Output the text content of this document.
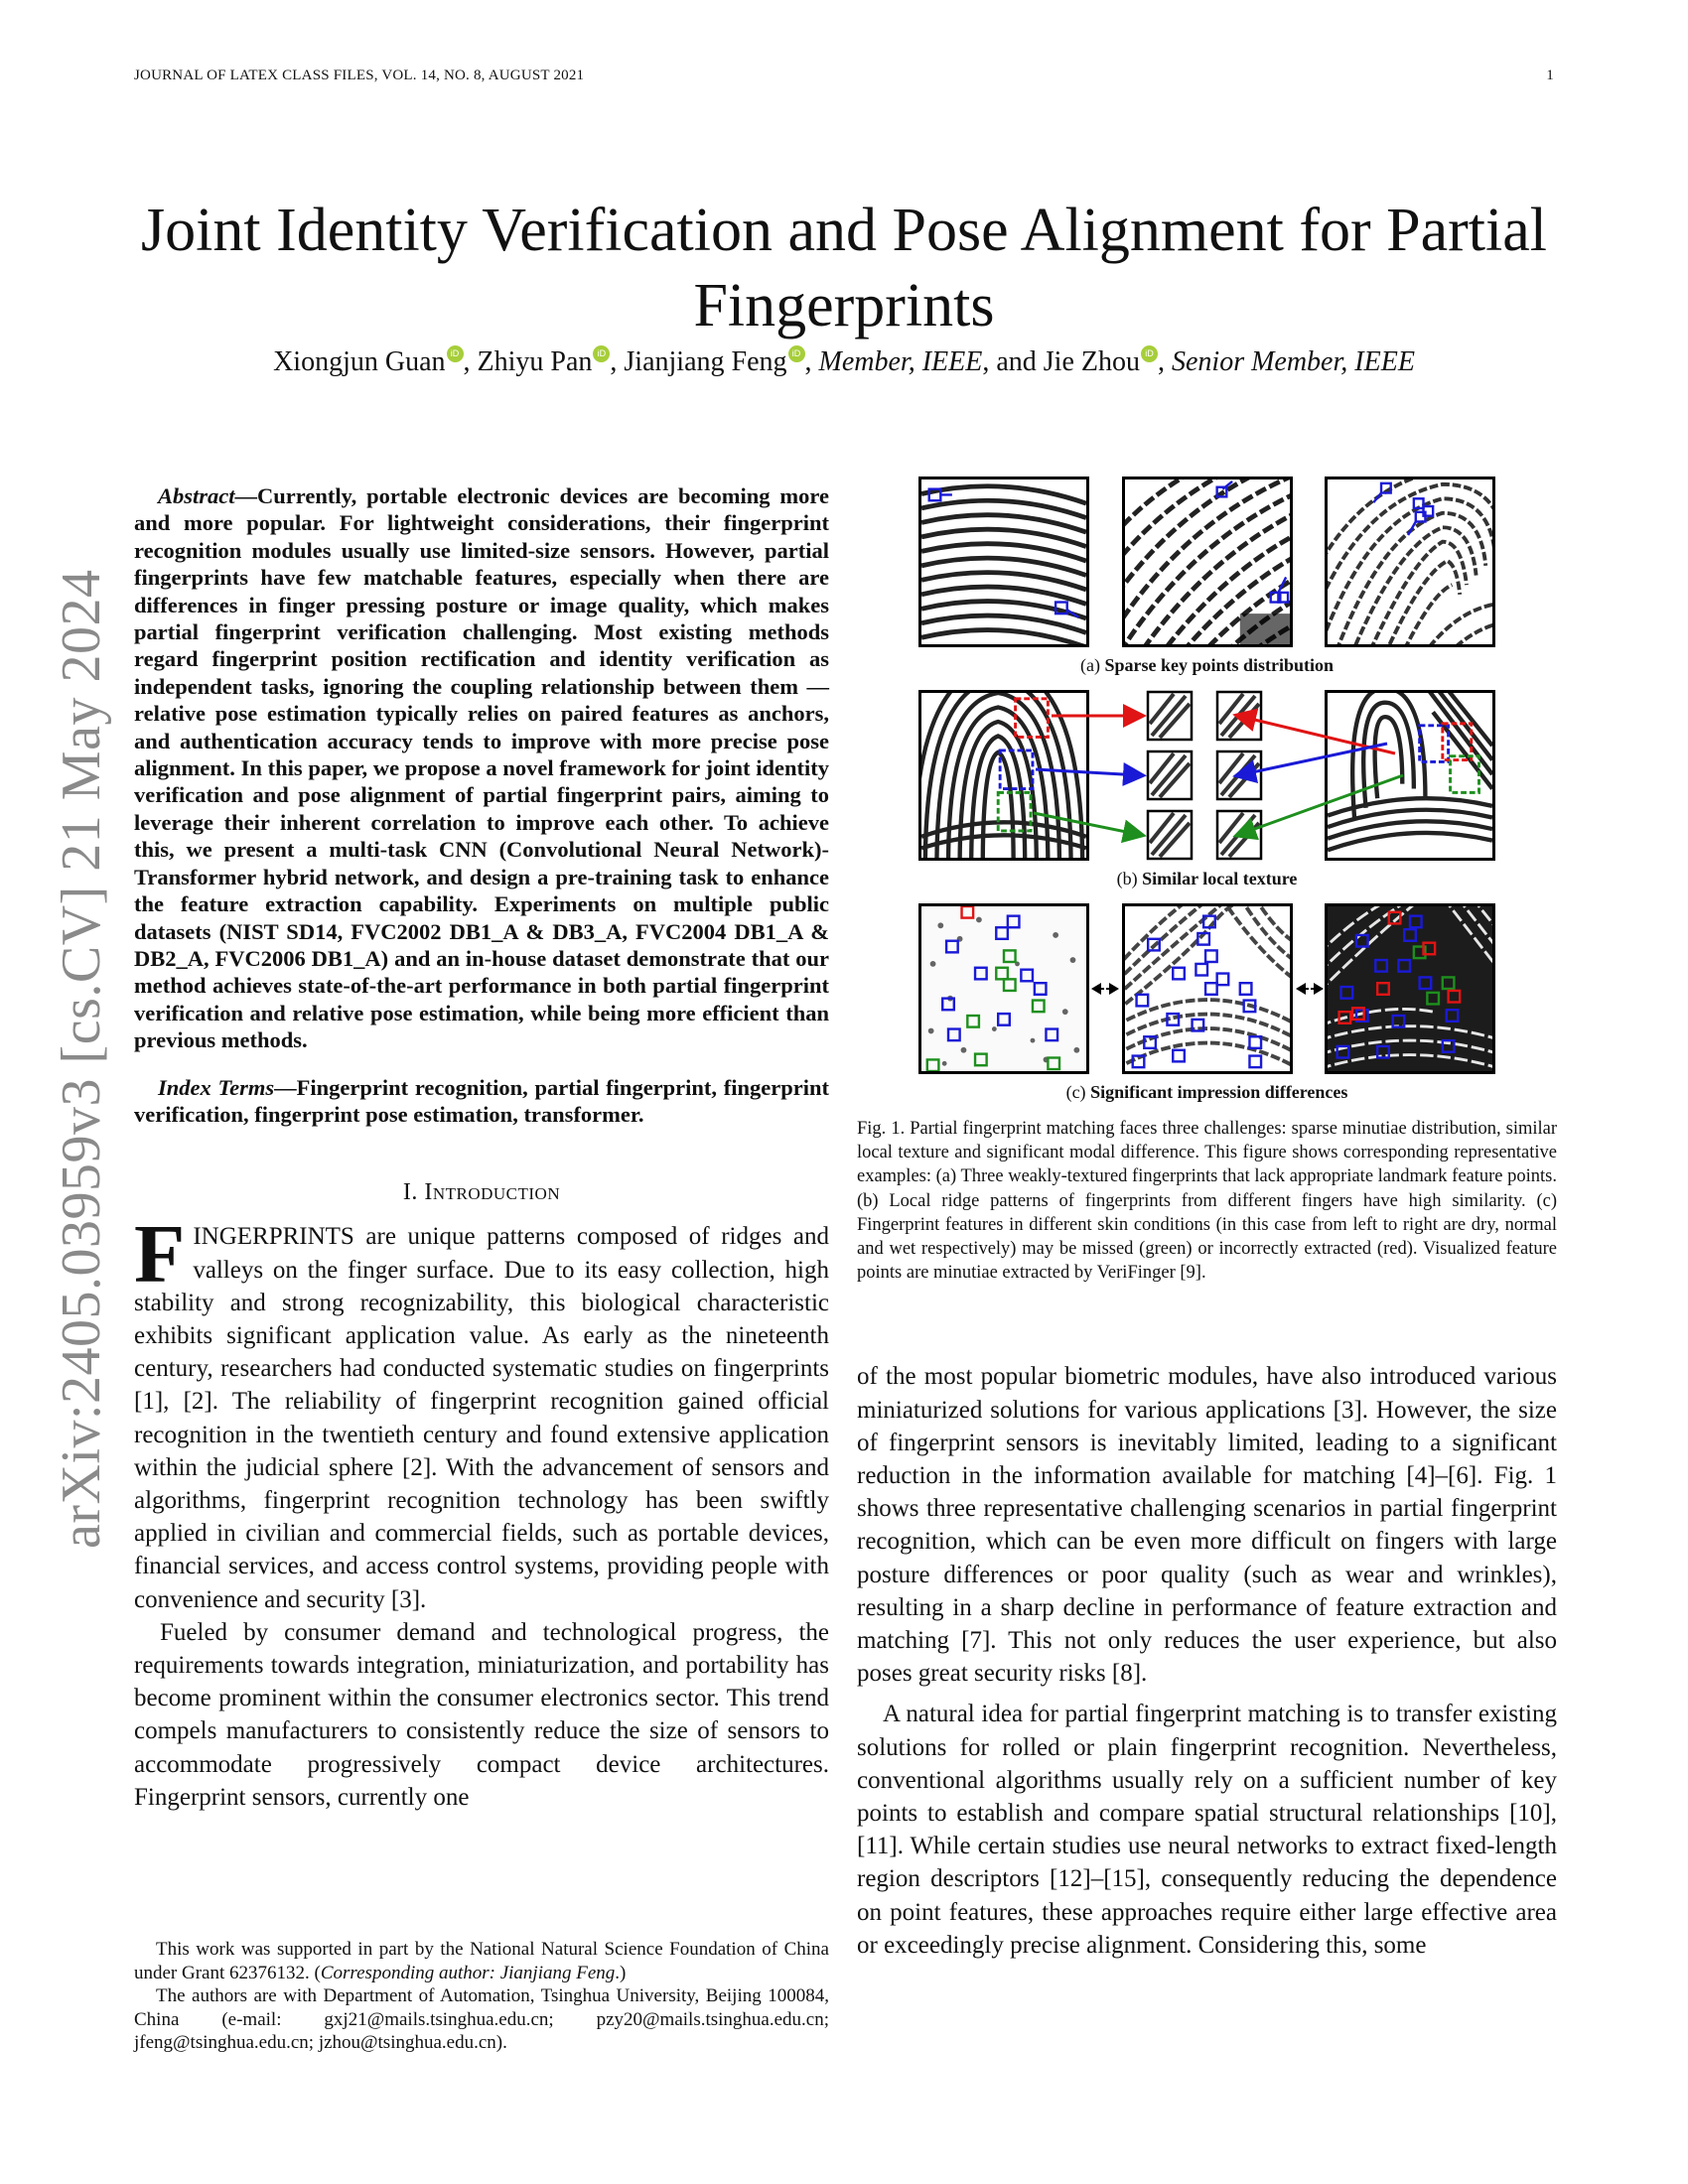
JOURNAL OF LATEX CLASS FILES, VOL. 14, NO. 8, AUGUST 2021	1
arXiv:2405.03959v3 [cs.CV] 21 May 2024
Joint Identity Verification and Pose Alignment for Partial Fingerprints
Xiongjun Guan iD , Zhiyu Pan iD , Jianjiang Feng iD , Member, IEEE, and Jie Zhou iD , Senior Member, IEEE

Abstract—Currently, portable electronic devices are becoming more and more popular. For lightweight considerations, their fingerprint recognition modules usually use limited-size sensors. However, partial fingerprints have few matchable features, especially when there are differences in finger pressing posture or image quality, which makes partial fingerprint verification challenging. Most existing methods regard fingerprint position rectification and identity verification as independent tasks, ignoring the coupling relationship between them — relative pose estimation typically relies on paired features as anchors, and authentication accuracy tends to improve with more precise pose alignment. In this paper, we propose a novel framework for joint identity verification and pose alignment of partial fingerprint pairs, aiming to leverage their inherent correlation to improve each other. To achieve this, we present a multi-task CNN (Convolutional Neural Network)-Transformer hybrid network, and design a pre-training task to enhance the feature extraction capability. Experiments on multiple public datasets (NIST SD14, FVC2002 DB1_A & DB3_A, FVC2004 DB1_A & DB2_A, FVC2006 DB1_A) and an in-house dataset demonstrate that our method achieves state-of-the-art performance in both partial fingerprint verification and relative pose estimation, while being more efficient than previous methods.

Index Terms—Fingerprint recognition, partial fingerprint, fingerprint verification, fingerprint pose estimation, transformer.

I. Introduction

FINGERPRINTS are unique patterns composed of ridges and valleys on the finger surface. Due to its easy collection, high stability and strong recognizability, this biological characteristic exhibits significant application value. As early as the nineteenth century, researchers had conducted systematic studies on fingerprints [1], [2]. The reliability of fingerprint recognition gained official recognition in the twentieth century and found extensive application within the judicial sphere [2]. With the advancement of sensors and algorithms, fingerprint recognition technology has been swiftly applied in civilian and commercial fields, such as portable devices, financial services, and access control systems, providing people with convenience and security [3].

Fueled by consumer demand and technological progress, the requirements towards integration, miniaturization, and portability has become prominent within the consumer electronics sector. This trend compels manufacturers to consistently reduce the size of sensors to accommodate progressively compact device architectures. Fingerprint sensors, currently one

This work was supported in part by the National Natural Science Foundation of China under Grant 62376132. (Corresponding author: Jianjiang Feng.)

The authors are with Department of Automation, Tsinghua University, Beijing 100084, China (e-mail: gxj21@mails.tsinghua.edu.cn; pzy20@mails.tsinghua.edu.cn; jfeng@tsinghua.edu.cn; jzhou@tsinghua.edu.cn).

(a) Sparse key points distribution
(b) Similar local texture
(c) Significant impression differences

Fig. 1. Partial fingerprint matching faces three challenges: sparse minutiae distribution, similar local texture and significant modal difference. This figure shows corresponding representative examples: (a) Three weakly-textured fingerprints that lack appropriate landmark feature points. (b) Local ridge patterns of fingerprints from different fingers have high similarity. (c) Fingerprint features in different skin conditions (in this case from left to right are dry, normal and wet respectively) may be missed (green) or incorrectly extracted (red). Visualized feature points are minutiae extracted by VeriFinger [9].

of the most popular biometric modules, have also introduced various miniaturized solutions for various applications [3]. However, the size of fingerprint sensors is inevitably limited, leading to a significant reduction in the information available for matching [4]–[6]. Fig. 1 shows three representative challenging scenarios in partial fingerprint recognition, which can be even more difficult on fingers with large posture differences or poor quality (such as wear and wrinkles), resulting in a sharp decline in performance of feature extraction and matching [7]. This not only reduces the user experience, but also poses great security risks [8].

A natural idea for partial fingerprint matching is to transfer existing solutions for rolled or plain fingerprint recognition. Nevertheless, conventional algorithms usually rely on a sufficient number of key points to establish and compare spatial structural relationships [10], [11]. While certain studies use neural networks to extract fixed-length region descriptors [12]–[15], consequently reducing the dependence on point features, these approaches require either large effective area or exceedingly precise alignment. Considering this, some
